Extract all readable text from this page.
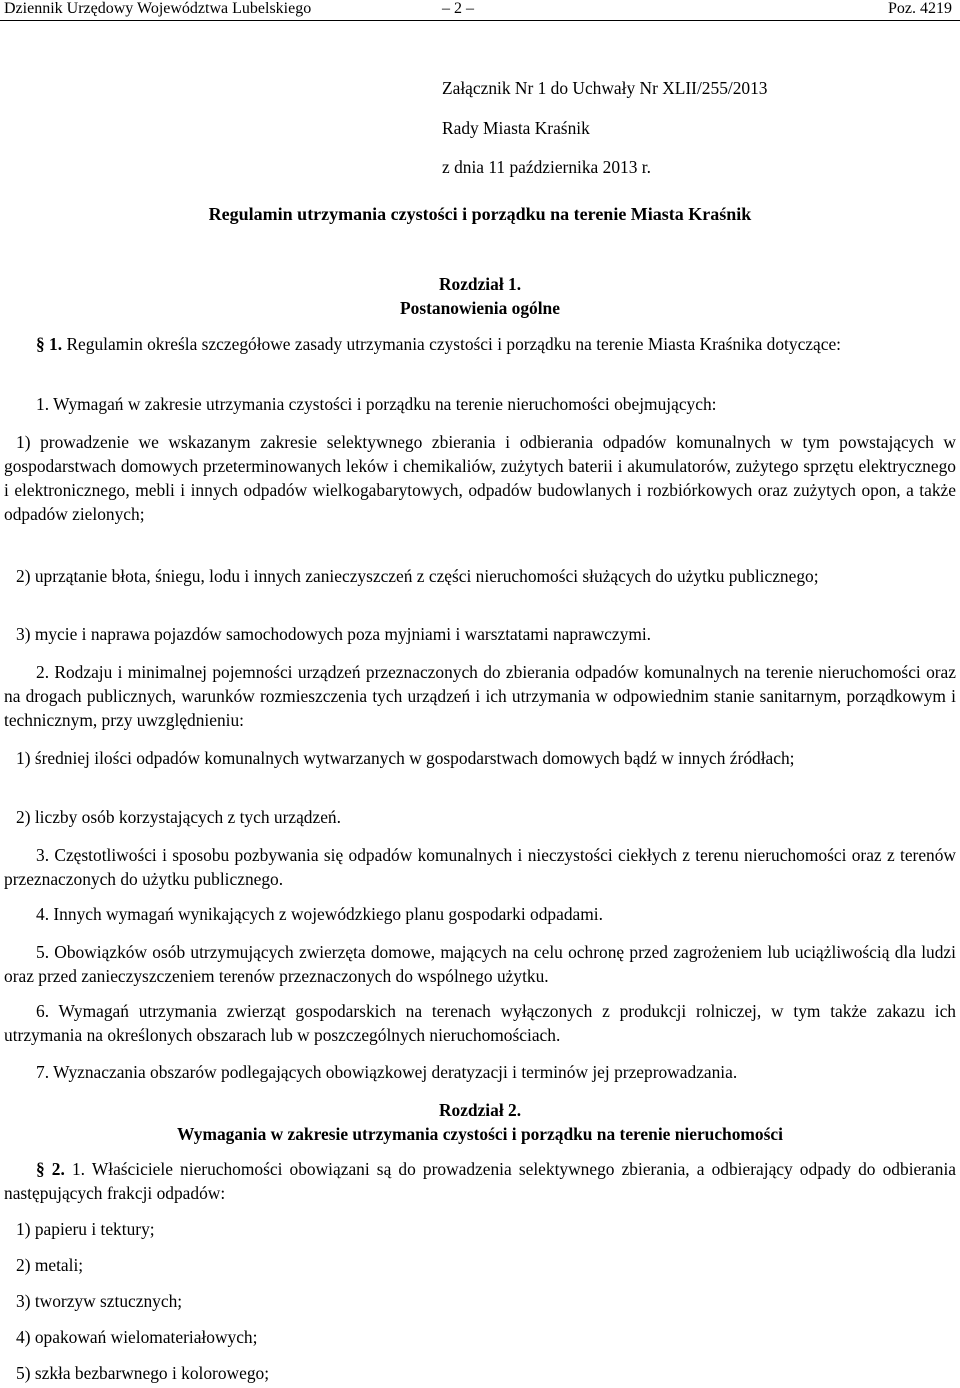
Dziennik Urzędowy Województwa Lubelskiego	– 2 –	Poz. 4219

Załącznik Nr 1 do Uchwały Nr XLII/255/2013

Rady Miasta Kraśnik

z dnia 11 października 2013 r.

Regulamin utrzymania czystości i porządku na terenie Miasta Kraśnik

Rozdział 1.

Postanowienia ogólne

§ 1. Regulamin określa szczegółowe zasady utrzymania czystości i porządku na terenie Miasta Kraśnika dotyczące:

1. Wymagań w zakresie utrzymania czystości i porządku na terenie nieruchomości obejmujących:

1) prowadzenie we wskazanym zakresie selektywnego zbierania i odbierania odpadów komunalnych w tym powstających w gospodarstwach domowych przeterminowanych leków i chemikaliów, zużytych baterii i akumulatorów, zużytego sprzętu elektrycznego i elektronicznego, mebli i innych odpadów wielkogabarytowych, odpadów budowlanych i rozbiórkowych oraz zużytych opon, a także odpadów zielonych;

2) uprzątanie błota, śniegu, lodu i innych zanieczyszczeń z części nieruchomości służących do użytku publicznego;

3) mycie i naprawa pojazdów samochodowych poza myjniami i warsztatami naprawczymi.

2. Rodzaju i minimalnej pojemności urządzeń przeznaczonych do zbierania odpadów komunalnych na terenie nieruchomości oraz na drogach publicznych, warunków rozmieszczenia tych urządzeń i ich utrzymania w odpowiednim stanie sanitarnym, porządkowym i technicznym, przy uwzględnieniu:

1) średniej ilości odpadów komunalnych wytwarzanych w gospodarstwach domowych bądź w innych źródłach;

2) liczby osób korzystających z tych urządzeń.

3. Częstotliwości i sposobu pozbywania się odpadów komunalnych i nieczystości ciekłych z terenu nieruchomości oraz z terenów przeznaczonych do użytku publicznego.

4. Innych wymagań wynikających z wojewódzkiego planu gospodarki odpadami.

5. Obowiązków osób utrzymujących zwierzęta domowe, mających na celu ochronę przed zagrożeniem lub uciążliwością dla ludzi oraz przed zanieczyszczeniem terenów przeznaczonych do wspólnego użytku.

6. Wymagań utrzymania zwierząt gospodarskich na terenach wyłączonych z produkcji rolniczej, w tym także zakazu ich utrzymania na określonych obszarach lub w poszczególnych nieruchomościach.

7. Wyznaczania obszarów podlegających obowiązkowej deratyzacji i terminów jej przeprowadzania.

Rozdział 2.

Wymagania w zakresie utrzymania czystości i porządku na terenie nieruchomości

§ 2. 1. Właściciele nieruchomości obowiązani są do prowadzenia selektywnego zbierania, a odbierający odpady do odbierania następujących frakcji odpadów:

1) papieru i tektury;

2) metali;

3) tworzyw sztucznych;

4) opakowań wielomateriałowych;

5) szkła bezbarwnego i kolorowego;
